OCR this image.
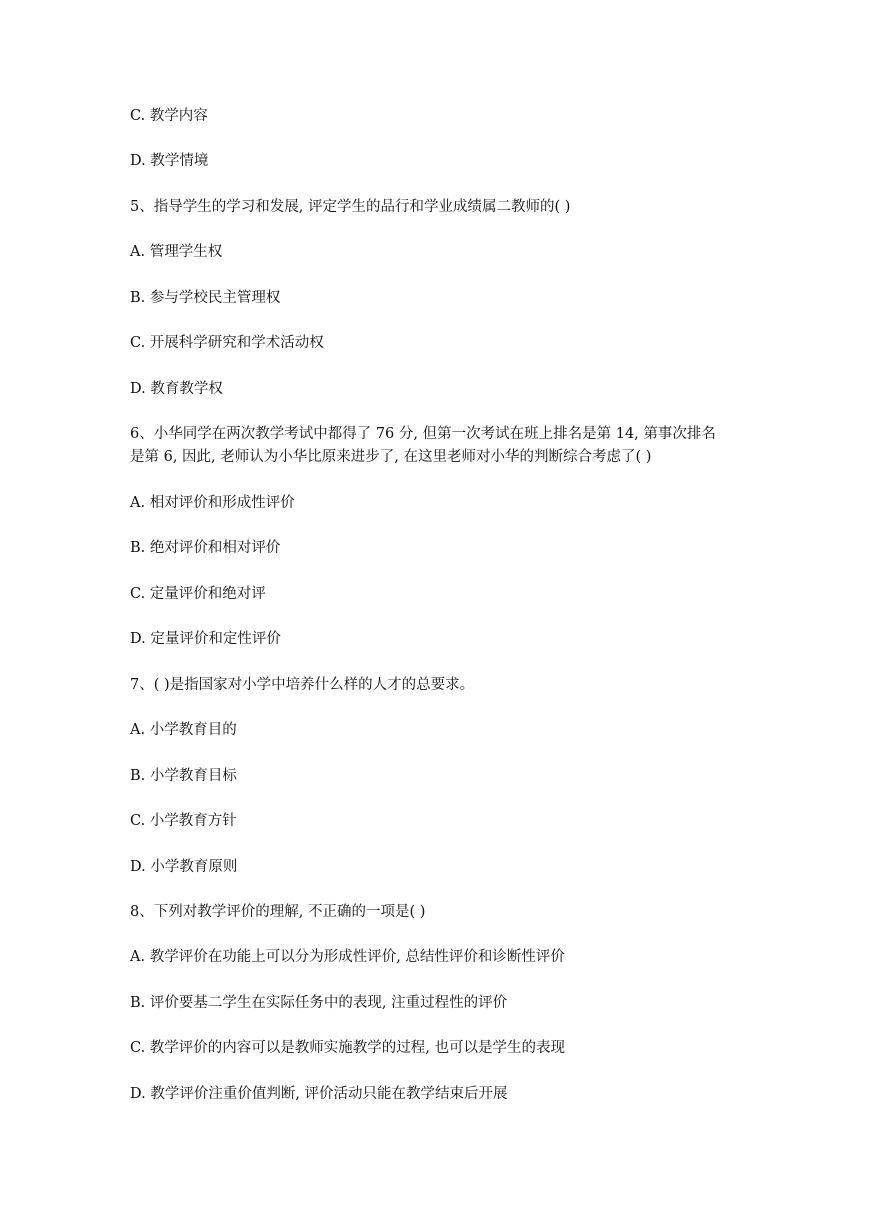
C. 教学内容
D. 教学情境
5、指导学生的学习和发展, 评定学生的品行和学业成绩属二教师的( )
A. 管理学生权
B. 参与学校民主管理权
C. 开展科学研究和学术活动权
D. 教育教学权
6、小华同学在两次教学考试中都得了 76 分, 但第一次考试在班上排名是第 14, 第事次排名
是第 6, 因此, 老师认为小华比原来进步了, 在这里老师对小华的判断综合考虑了( )
A. 相对评价和形成性评价
B. 绝对评价和相对评价
C. 定量评价和绝对评
D. 定量评价和定性评价
7、( )是指国家对小学中培养什么样的人才的总要求。
A. 小学教育目的
B. 小学教育目标
C. 小学教育方针
D. 小学教育原则
8、下列对教学评价的理解, 不正确的一项是( )
A. 教学评价在功能上可以分为形成性评价, 总结性评价和诊断性评价
B. 评价要基二学生在实际任务中的表现, 注重过程性的评价
C. 教学评价的内容可以是教师实施教学的过程, 也可以是学生的表现
D. 教学评价注重价值判断, 评价活动只能在教学结束后开展
